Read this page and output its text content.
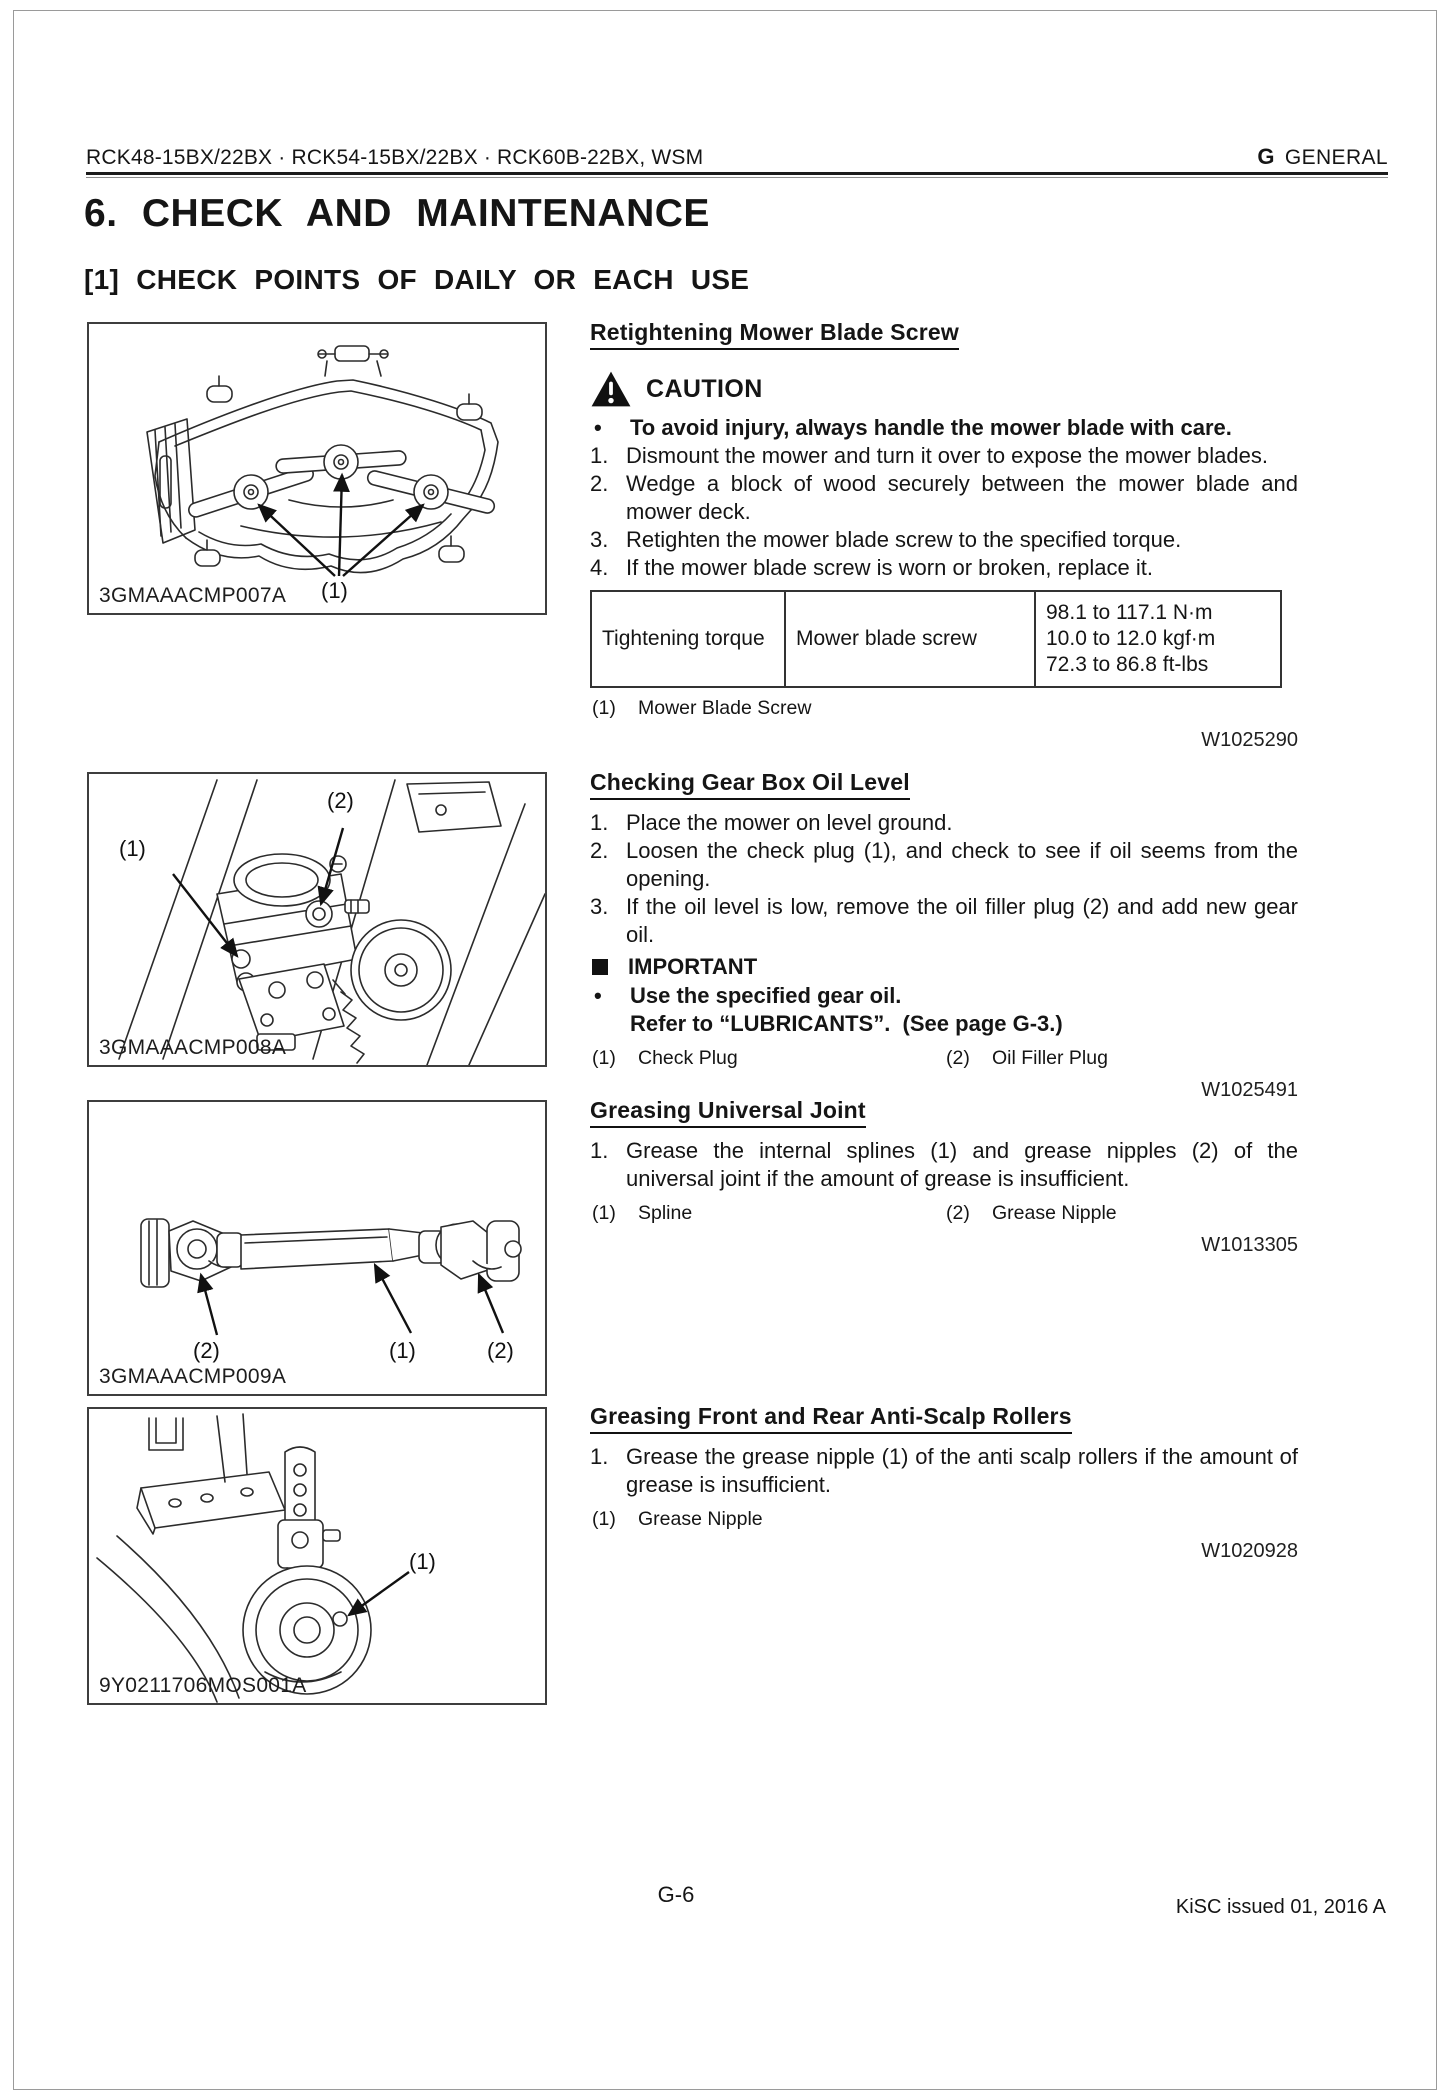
RCK48-15BX/22BX · RCK54-15BX/22BX · RCK60B-22BX, WSM	G GENERAL
6. CHECK AND MAINTENANCE
[1] CHECK POINTS OF DAILY OR EACH USE
(1)
3GMAAACMP007A
(1)
(2)
3GMAAACMP008A
(2)	(1)	(2)
3GMAAACMP009A
(1)
9Y0211706MOS001A
Retightening Mower Blade Screw
CAUTION
•	To avoid injury, always handle the mower blade with care.
1. Dismount the mower and turn it over to expose the mower blades.
2. Wedge a block of wood securely between the mower blade and mower deck.
3. Retighten the mower blade screw to the specified torque.
4. If the mower blade screw is worn or broken, replace it.
Tightening torque	Mower blade screw
98.1 to 117.1 N·m
10.0 to 12.0 kgf·m
72.3 to 86.8 ft-lbs
(1)	Mower Blade Screw
W1025290
Checking Gear Box Oil Level
1. Place the mower on level ground.
2. Loosen the check plug (1), and check to see if oil seems from the opening.
3. If the oil level is low, remove the oil filler plug (2) and add new gear oil.
IMPORTANT
•	Use the specified gear oil.
Refer to “LUBRICANTS”.  (See page G-3.)
(1)	Check Plug	(2)	Oil Filler Plug
W1025491
Greasing Universal Joint
1. Grease the internal splines (1) and grease nipples (2) of the universal joint if the amount of grease is insufficient.
(1)	Spline	(2)	Grease Nipple
W1013305
Greasing Front and Rear Anti-Scalp Rollers
1. Grease the grease nipple (1) of the anti scalp rollers if the amount of grease is insufficient.
(1)	Grease Nipple
W1020928
G-6	KiSC issued 01, 2016 A
